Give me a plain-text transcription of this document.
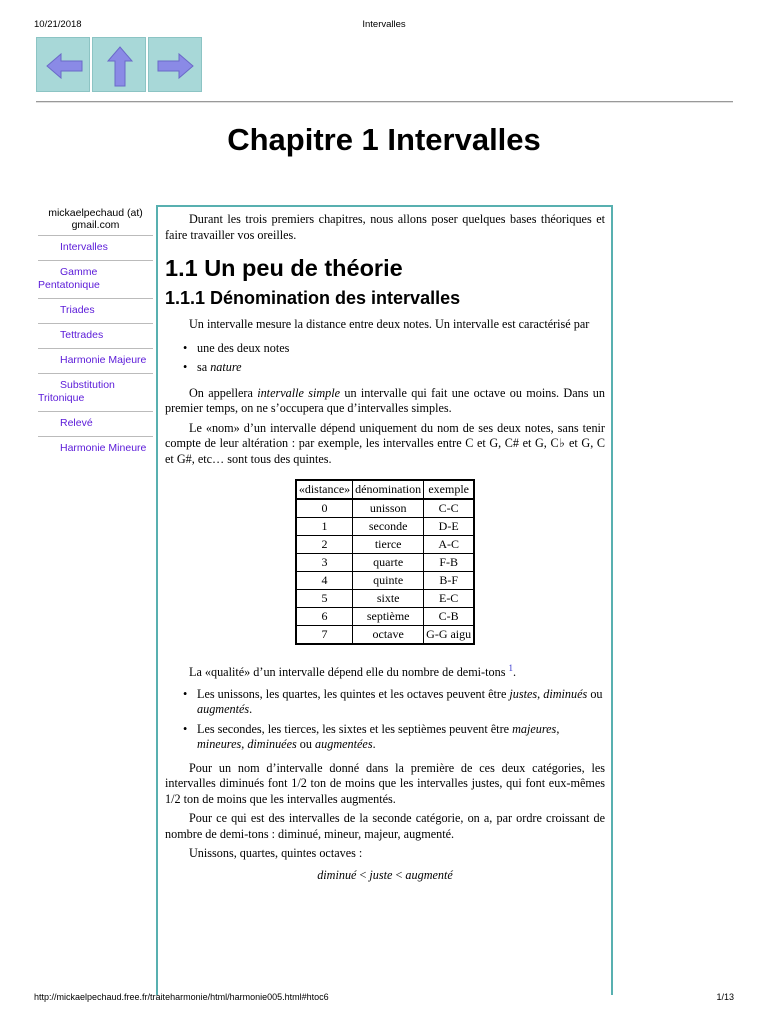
10/21/2018	Intervalles
Chapitre 1 Intervalles
mickaelpechaud (at)
gmail.com
Intervalles
Gamme
Pentatonique
Triades
Tettrades
Harmonie Majeure
Substitution
Tritonique
Relevé
Harmonie Mineure

Durant les trois premiers chapitres, nous allons poser quelques bases théoriques et faire travailler vos oreilles.

1.1 Un peu de théorie
1.1.1 Dénomination des intervalles

Un intervalle mesure la distance entre deux notes. Un intervalle est caractérisé par

• une des deux notes
• sa nature

On appellera intervalle simple un intervalle qui fait une octave ou moins. Dans un premier temps, on ne s’occupera que d’intervalles simples.

Le «nom» d’un intervalle dépend uniquement du nom de ses deux notes, sans tenir compte de leur altération : par exemple, les intervalles entre C et G, C# et G, C♭ et G, C et G#, etc… sont tous des quintes.

«distance»	dénomination	exemple
0	unisson	C-C
1	seconde	D-E
2	tierce	A-C
3	quarte	F-B
4	quinte	B-F
5	sixte	E-C
6	septième	C-B
7	octave	G-G aigu

La «qualité» d’un intervalle dépend elle du nombre de demi-tons $^1$.

• Les unissons, les quartes, les quintes et les octaves peuvent être justes, diminués ou augmentés.
• Les secondes, les tierces, les sixtes et les septièmes peuvent être majeures, mineures, diminuées ou augmentées.

Pour un nom d’intervalle donné dans la première de ces deux catégories, les intervalles diminués font 1/2 ton de moins que les intervalles justes, qui font eux-mêmes 1/2 ton de moins que les intervalles augmentés.

Pour ce qui est des intervalles de la seconde catégorie, on a, par ordre croissant de nombre de demi-tons : diminué, mineur, majeur, augmenté.

Unissons, quartes, quintes octaves :

diminué < juste < augmenté
http://mickaelpechaud.free.fr/traiteharmonie/html/harmonie005.html#htoc6	1/13
